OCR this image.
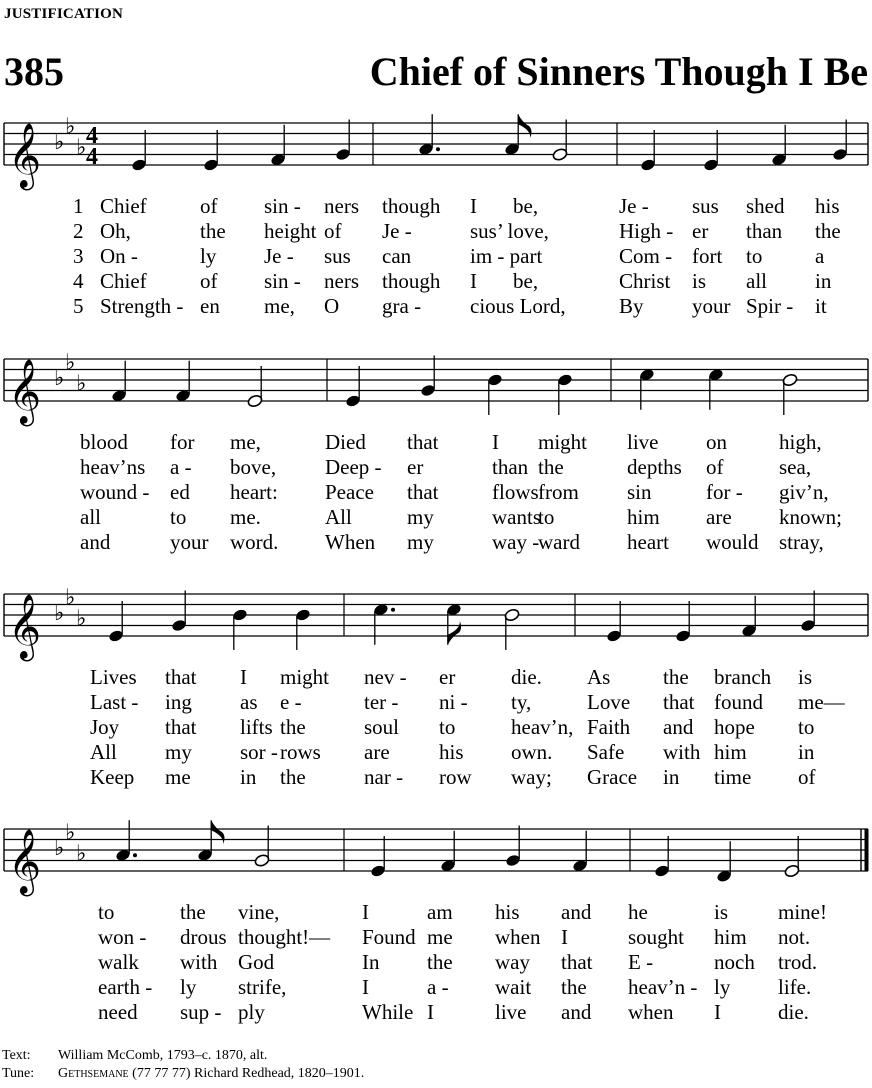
JUSTIFICATION
385	Chief of Sinners Though I Be
𝄞 ♭
♭
♭ 4
4
𝄞 ♭
♭
♭
𝄞 ♭
♭
♭
𝄞 ♭
♭
♭
1 Chief	of sin - ners though I be,	Je - sus shed his
2 Oh,	the height of Je -	sus’ love,	High - er than the
3 On -	ly Je - sus can	im - part	Com - fort to	a
4 Chief	of sin - ners though I be,	Christ is all in
5 Strength - en me, O gra - cious Lord,	By your Spir - it
blood for me,	Died that	I might live on high,
heav’ns a - bove, Deep - er	than the	depths of	sea,
wound - ed heart: Peace that	flows from sin	for - giv’n,
all	to me.	All	my	wants
to	him are known;
and	your word. When my	way -
ward heart would stray,
Lives that I might nev - er	die. As	the branch is
Last - ing as e -	ter - ni - ty,	Love that found me—
Joy that lifts the	soul to	heav’n, Faith and hope to
All my sor - rows are his own. Safe with him in
Keep me in the	nar - row way; Grace in time of
to	the vine,	I	am his and he	is mine!
won - drous thought!— Found me when I	sought him not.
walk with God	In the way that E -	noch trod.
earth - ly strife,	I	a - wait the heav’n - ly life.
need sup - ply	While I	live and when I	die.
Text: William McComb, 1793–c. 1870, alt.
Tune: Gethsemane (77 77 77) Richard Redhead, 1820–1901.
